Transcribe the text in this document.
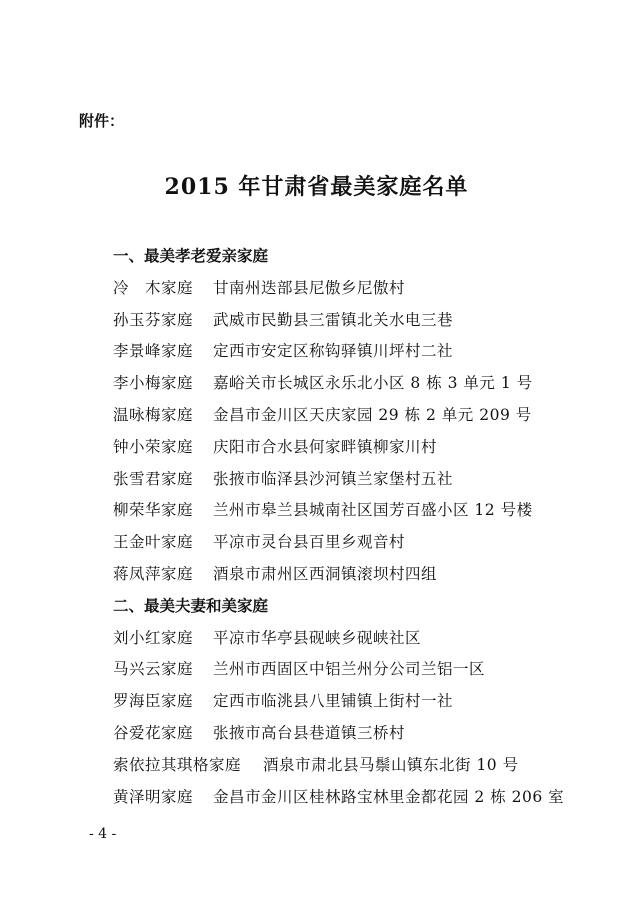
附件：
2015 年甘肃省最美家庭名单
一、最美孝老爱亲家庭
冷　木家庭 甘南州迭部县尼傲乡尼傲村
孙玉芬家庭 武威市民勤县三雷镇北关水电三巷
李景峰家庭 定西市安定区称钩驿镇川坪村二社
李小梅家庭 嘉峪关市长城区永乐北小区 8 栋 3 单元 1 号
温咏梅家庭 金昌市金川区天庆家园 29 栋 2 单元 209 号
钟小荣家庭 庆阳市合水县何家畔镇柳家川村
张雪君家庭 张掖市临泽县沙河镇兰家堡村五社
柳荣华家庭 兰州市皋兰县城南社区国芳百盛小区 12 号楼
王金叶家庭 平凉市灵台县百里乡观音村
蒋凤萍家庭 酒泉市肃州区西洞镇滚坝村四组
二、最美夫妻和美家庭
刘小红家庭 平凉市华亭县砚峡乡砚峡社区
马兴云家庭 兰州市西固区中铝兰州分公司兰铝一区
罗海臣家庭 定西市临洮县八里铺镇上街村一社
谷爱花家庭 张掖市高台县巷道镇三桥村
索依拉其琪格家庭 酒泉市肃北县马鬃山镇东北街 10 号
黄泽明家庭 金昌市金川区桂林路宝林里金都花园 2 栋 206 室
- 4 -
